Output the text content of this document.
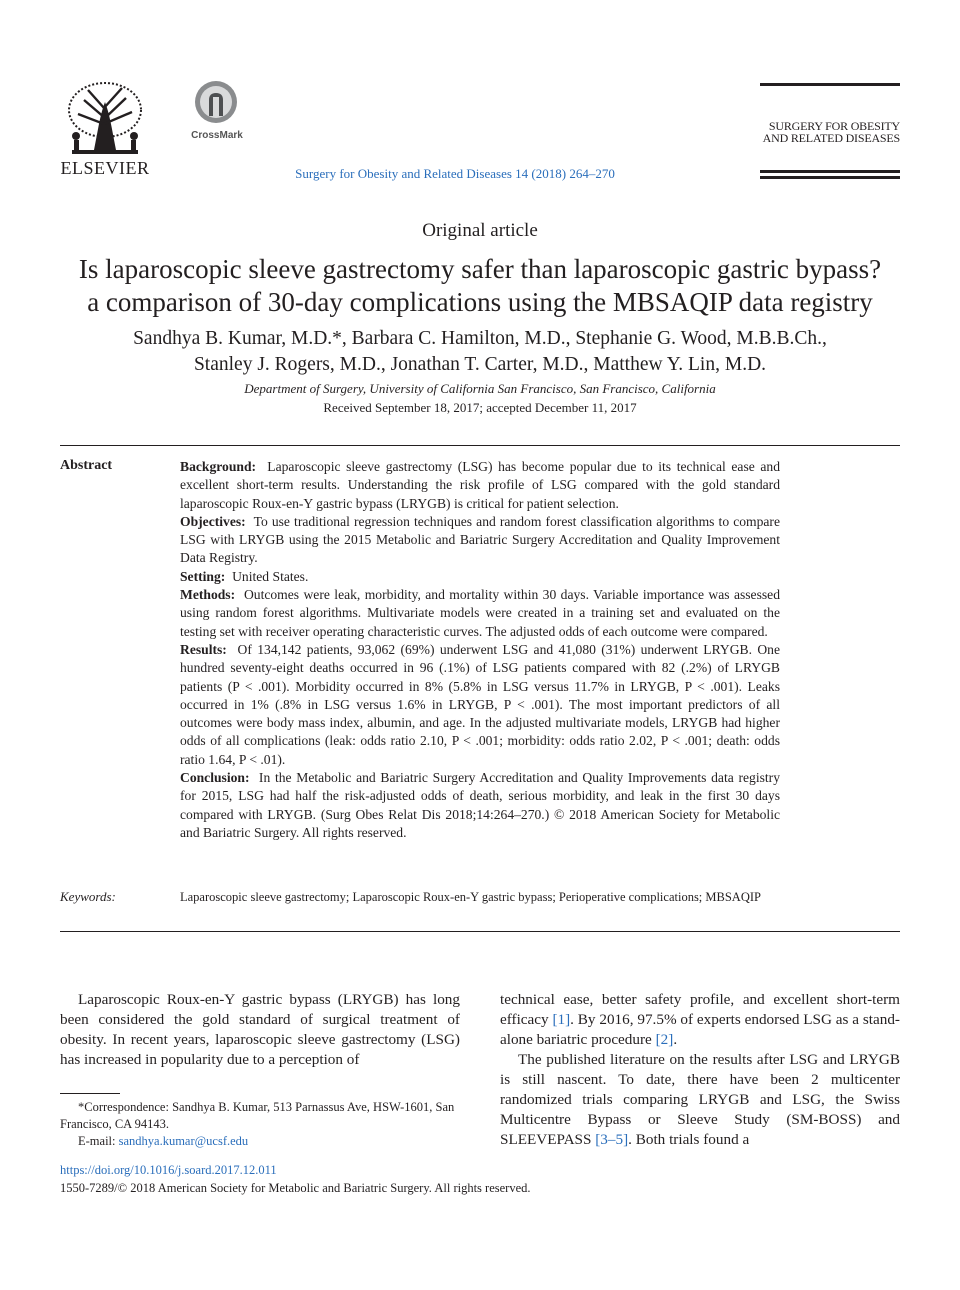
ELSEVIER
CrossMark
Surgery for Obesity and Related Diseases 14 (2018) 264–270
SURGERY FOR OBESITY
AND RELATED DISEASES
Original article
Is laparoscopic sleeve gastrectomy safer than laparoscopic gastric bypass?
a comparison of 30-day complications using the MBSAQIP data registry
Sandhya B. Kumar, M.D.*, Barbara C. Hamilton, M.D., Stephanie G. Wood, M.B.B.Ch.,
Stanley J. Rogers, M.D., Jonathan T. Carter, M.D., Matthew Y. Lin, M.D.
Department of Surgery, University of California San Francisco, San Francisco, California
Received September 18, 2017; accepted December 11, 2017
Abstract	Background: Laparoscopic sleeve gastrectomy (LSG) has become popular due to its technical ease and excellent short-term results. Understanding the risk profile of LSG compared with the gold standard laparoscopic Roux-en-Y gastric bypass (LRYGB) is critical for patient selection.

Objectives: To use traditional regression techniques and random forest classification algorithms to compare LSG with LRYGB using the 2015 Metabolic and Bariatric Surgery Accreditation and Quality Improvement Data Registry.

Setting: United States.

Methods: Outcomes were leak, morbidity, and mortality within 30 days. Variable importance was assessed using random forest algorithms. Multivariate models were created in a training set and evaluated on the testing set with receiver operating characteristic curves. The adjusted odds of each outcome were compared.

Results: Of 134,142 patients, 93,062 (69%) underwent LSG and 41,080 (31%) underwent LRYGB. One hundred seventy-eight deaths occurred in 96 (.1%) of LSG patients compared with 82 (.2%) of LRYGB patients (P < .001). Morbidity occurred in 8% (5.8% in LSG versus 11.7% in LRYGB, P < .001). Leaks occurred in 1% (.8% in LSG versus 1.6% in LRYGB, P < .001). The most important predictors of all outcomes were body mass index, albumin, and age. In the adjusted multivariate models, LRYGB had higher odds of all complications (leak: odds ratio 2.10, P < .001; morbidity: odds ratio 2.02, P < .001; death: odds ratio 1.64, P < .01).

Conclusion: In the Metabolic and Bariatric Surgery Accreditation and Quality Improvements data registry for 2015, LSG had half the risk-adjusted odds of death, serious morbidity, and leak in the first 30 days compared with LRYGB. (Surg Obes Relat Dis 2018;14:264–270.) © 2018 American Society for Metabolic and Bariatric Surgery. All rights reserved.

Keywords:	Laparoscopic sleeve gastrectomy; Laparoscopic Roux-en-Y gastric bypass; Perioperative complications; MBSAQIP

Laparoscopic Roux-en-Y gastric bypass (LRYGB) has long been considered the gold standard of surgical treatment of obesity. In recent years, laparoscopic sleeve gastrectomy (LSG) has increased in popularity due to a perception of

technical ease, better safety profile, and excellent short-term efficacy [1]. By 2016, 97.5% of experts endorsed LSG as a stand-alone bariatric procedure [2].

The published literature on the results after LSG and LRYGB is still nascent. To date, there have been 2 multicenter randomized trials comparing LRYGB and LSG, the Swiss Multicentre Bypass or Sleeve Study (SM-BOSS) and SLEEVEPASS [3–5]. Both trials found a

*Correspondence: Sandhya B. Kumar, 513 Parnassus Ave, HSW-1601, San Francisco, CA 94143.

E-mail: sandhya.kumar@ucsf.edu

https://doi.org/10.1016/j.soard.2017.12.011
1550-7289/© 2018 American Society for Metabolic and Bariatric Surgery. All rights reserved.
